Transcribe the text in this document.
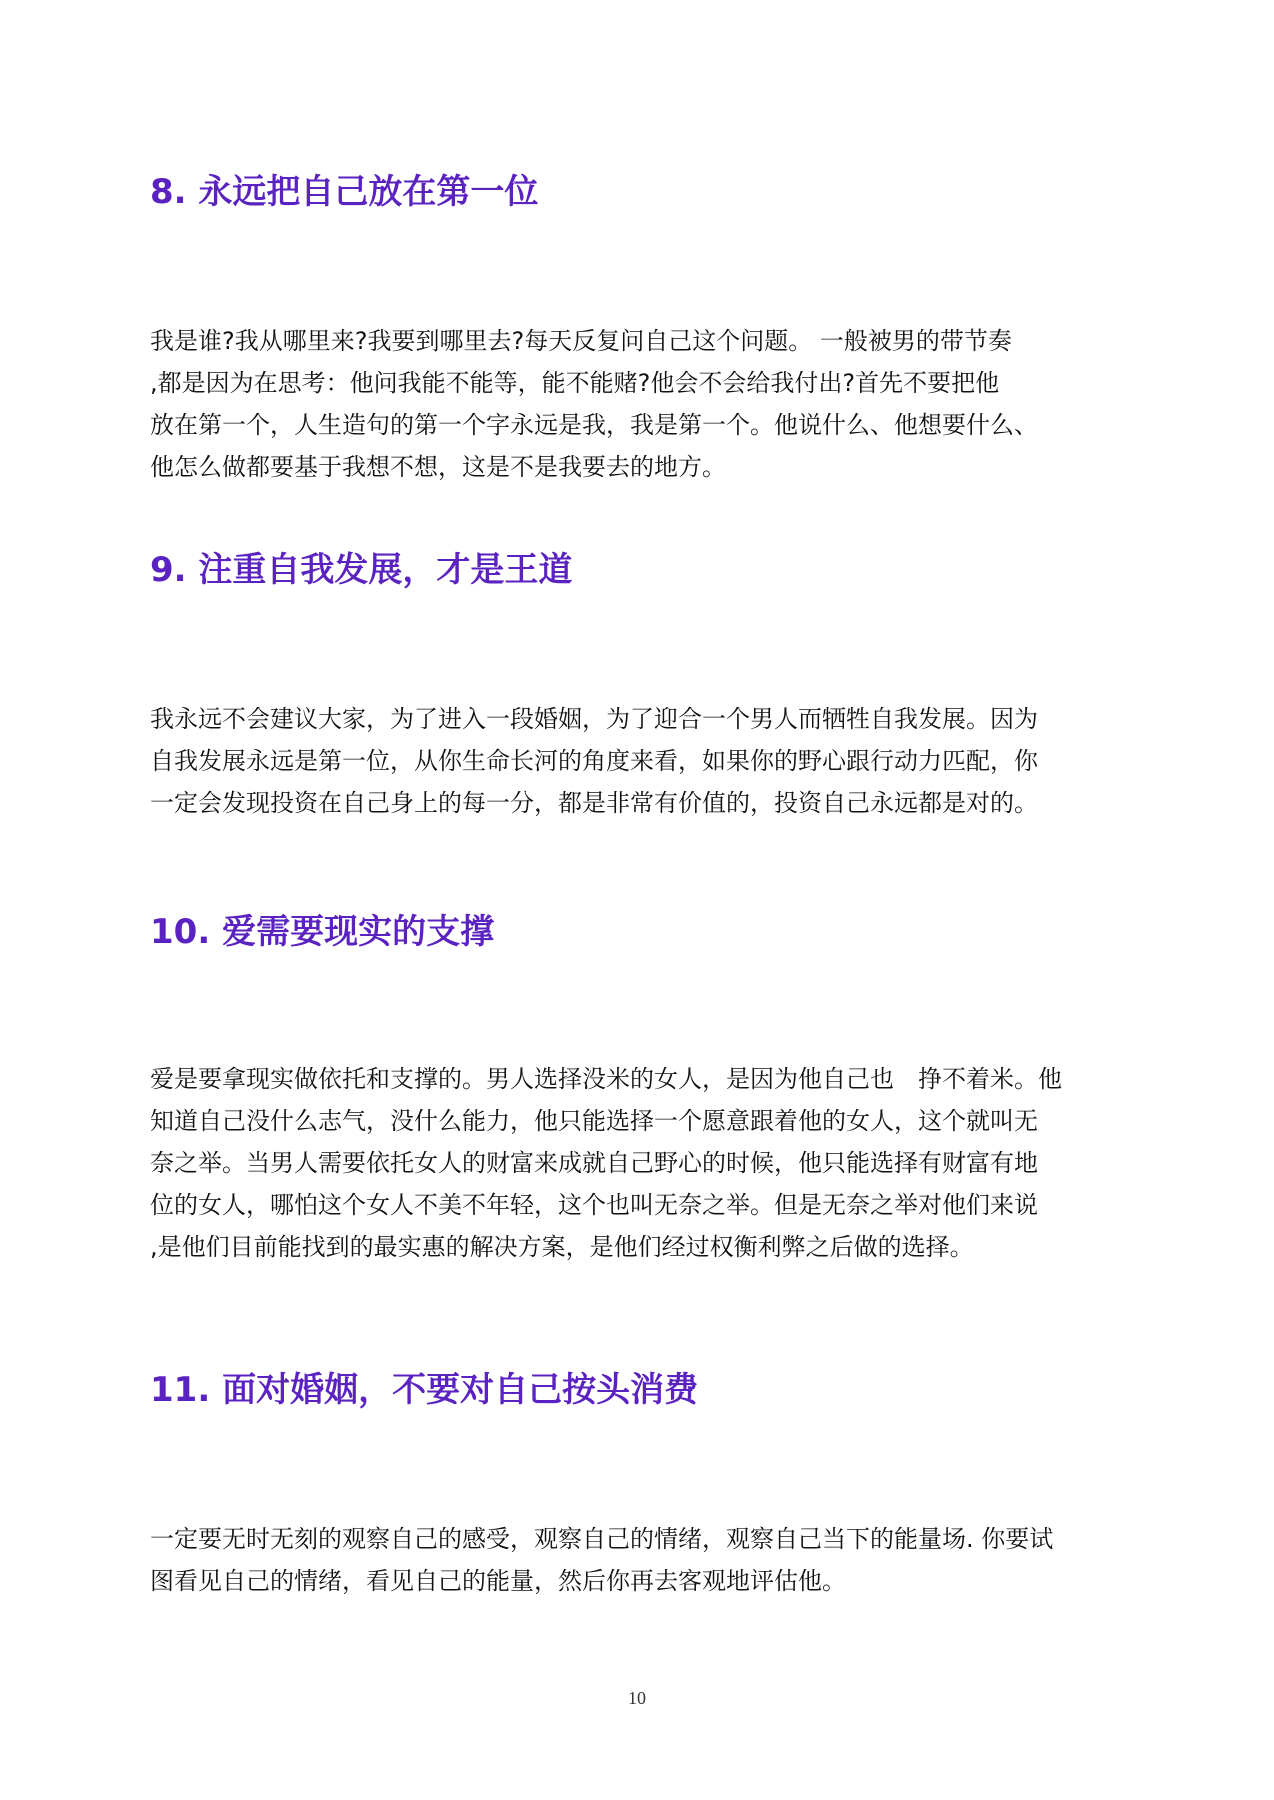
8. 永远把自己放在第一位
我是谁?我从哪里来?我要到哪里去?每天反复问自己这个问题。 一般被男的带节奏
,都是因为在思考：他问我能不能等，能不能赌?他会不会给我付出?首先不要把他
放在第一个，人生造句的第一个字永远是我，我是第一个。他说什么、他想要什么、
他怎么做都要基于我想不想，这是不是我要去的地方。
9. 注重自我发展，才是王道
我永远不会建议大家，为了进入一段婚姻，为了迎合一个男人而牺牲自我发展。因为
自我发展永远是第一位，从你生命长河的角度来看，如果你的野心跟行动力匹配，你
一定会发现投资在自己身上的每一分，都是非常有价值的，投资自己永远都是对的。
10. 爱需要现实的支撑
爱是要拿现实做依托和支撑的。男人选择没米的女人，是因为他自己也　挣不着米。他
知道自己没什么志气，没什么能力，他只能选择一个愿意跟着他的女人，这个就叫无
奈之举。当男人需要依托女人的财富来成就自己野心的时候，他只能选择有财富有地
位的女人，哪怕这个女人不美不年轻，这个也叫无奈之举。但是无奈之举对他们来说
,是他们目前能找到的最实惠的解决方案，是他们经过权衡利弊之后做的选择。
11. 面对婚姻，不要对自己按头消费
一定要无时无刻的观察自己的感受，观察自己的情绪，观察自己当下的能量场. 你要试
图看见自己的情绪，看见自己的能量，然后你再去客观地评估他。
10
